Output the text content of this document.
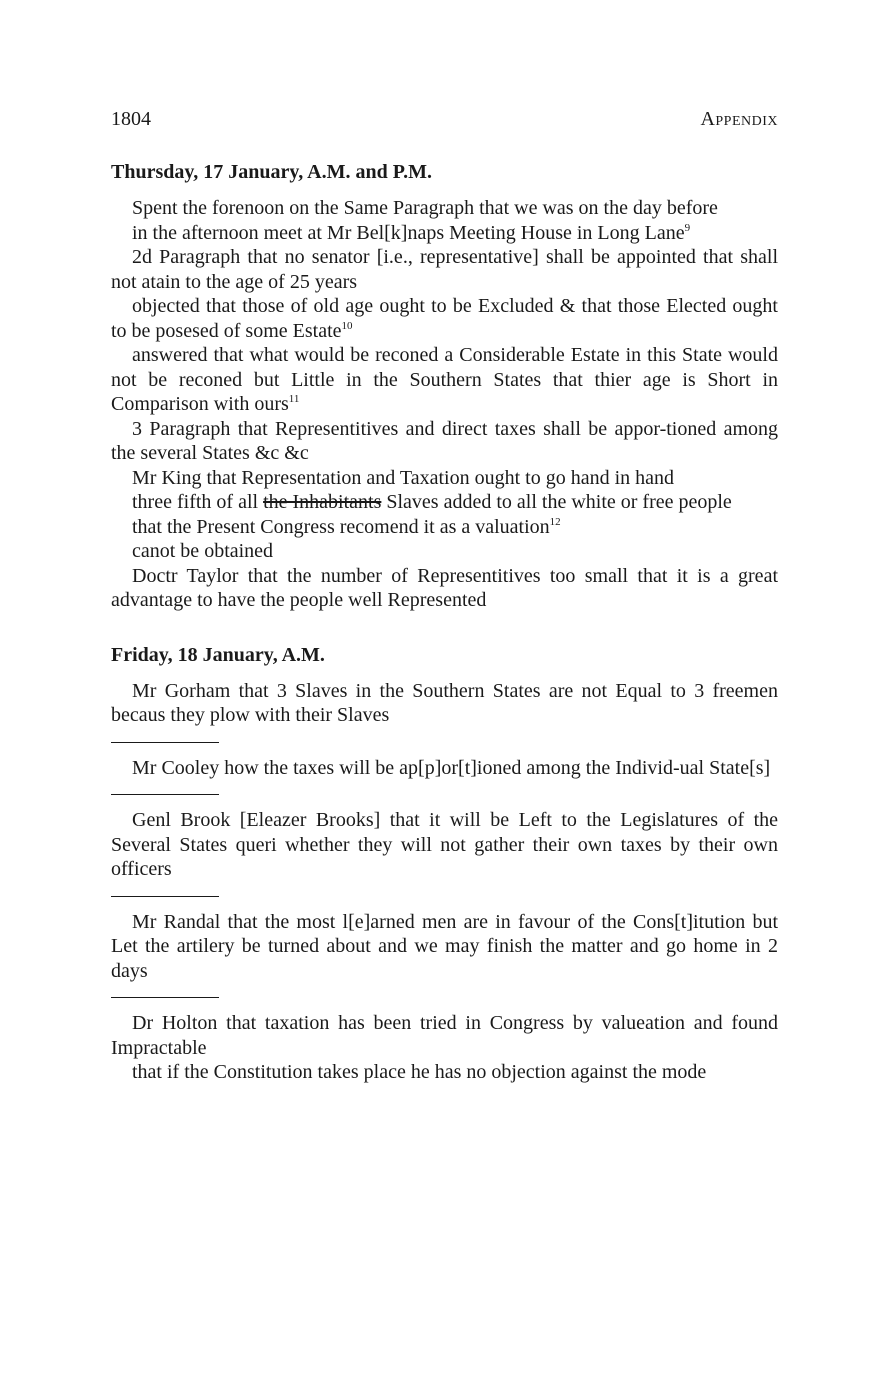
1804	Appendix
Thursday, 17 January, A.M. and P.M.

Spent the forenoon on the Same Paragraph that we was on the day before

in the afternoon meet at Mr Bel[k]naps Meeting House in Long Lane$^9$

2d Paragraph that no senator [i.e., representative] shall be appointed that shall not atain to the age of 25 years

objected that those of old age ought to be Excluded & that those Elected ought to be posesed of some Estate$^{10}$

answered that what would be reconed a Considerable Estate in this State would not be reconed but Little in the Southern States that thier age is Short in Comparison with ours$^{11}$

3 Paragraph that Representitives and direct taxes shall be appor-tioned among the several States &c &c

Mr King that Representation and Taxation ought to go hand in hand

three fifth of all the Inhabitants Slaves added to all the white or free people

that the Present Congress recomend it as a valuation$^{12}$

canot be obtained

Doctr Taylor that the number of Representitives too small that it is a great advantage to have the people well Represented

Friday, 18 January, A.M.

Mr Gorham that 3 Slaves in the Southern States are not Equal to 3 freemen becaus they plow with their Slaves

Mr Cooley how the taxes will be ap[p]or[t]ioned among the Individ-ual State[s]

Genl Brook [Eleazer Brooks] that it will be Left to the Legislatures of the Several States queri whether they will not gather their own taxes by their own officers

Mr Randal that the most l[e]arned men are in favour of the Cons[t]itution but Let the artilery be turned about and we may finish the matter and go home in 2 days

Dr Holton that taxation has been tried in Congress by valueation and found Impractable

that if the Constitution takes place he has no objection against the mode
